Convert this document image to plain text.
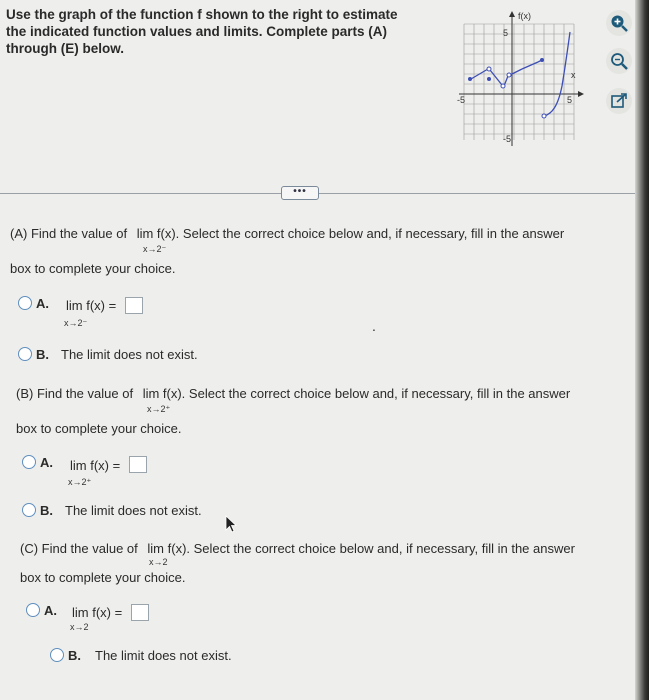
Use the graph of the function f shown to the right to estimate the indicated function values and limits. Complete parts (A) through (E) below.
f(x)
x
5
-5
-5	5
•••
(A) Find the value of lim f(x). Select the correct choice below and, if necessary, fill in the answer
x→2⁻
box to complete your choice.
A. lim f(x) =
x→2⁻
B. The limit does not exist.
.
(B) Find the value of lim f(x). Select the correct choice below and, if necessary, fill in the answer
x→2⁺
box to complete your choice.
A. lim f(x) =
x→2⁺
B. The limit does not exist.
(C) Find the value of lim f(x). Select the correct choice below and, if necessary, fill in the answer
x→2
box to complete your choice.
A. lim f(x) =
x→2
B. The limit does not exist.
